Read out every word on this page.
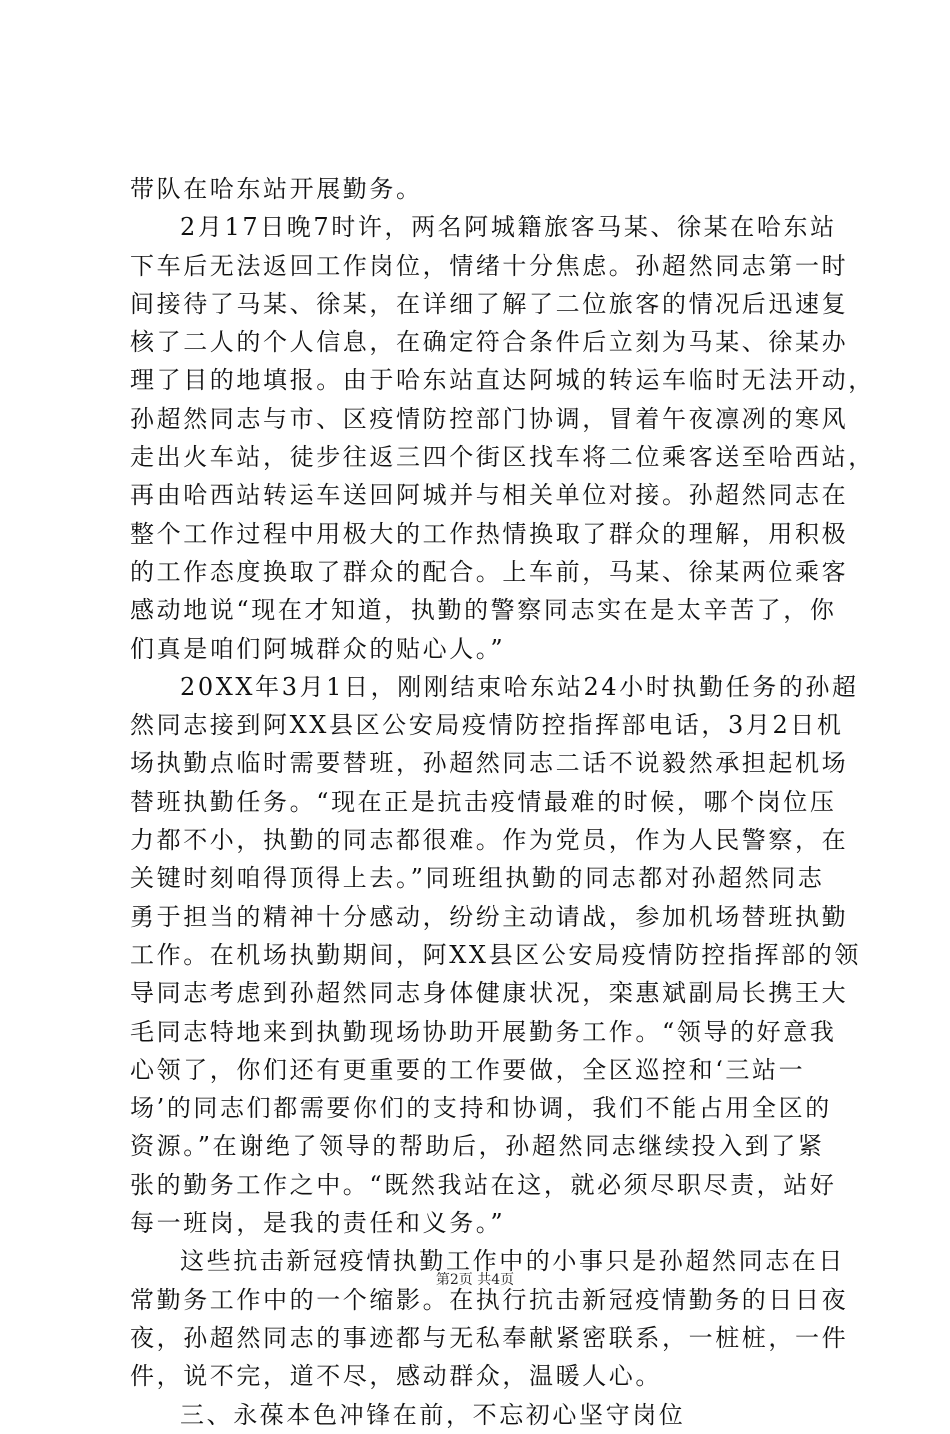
带队在哈东站开展勤务。
2月17日晚7时许，两名阿城籍旅客马某、徐某在哈东站
下车后无法返回工作岗位，情绪十分焦虑。孙超然同志第一时
间接待了马某、徐某，在详细了解了二位旅客的情况后迅速复
核了二人的个人信息，在确定符合条件后立刻为马某、徐某办
理了目的地填报。由于哈东站直达阿城的转运车临时无法开动，
孙超然同志与市、区疫情防控部门协调，冒着午夜凛冽的寒风
走出火车站，徒步往返三四个街区找车将二位乘客送至哈西站，
再由哈西站转运车送回阿城并与相关单位对接。孙超然同志在
整个工作过程中用极大的工作热情换取了群众的理解，用积极
的工作态度换取了群众的配合。上车前，马某、徐某两位乘客
感动地说“现在才知道，执勤的警察同志实在是太辛苦了，你
们真是咱们阿城群众的贴心人。”
20XX年3月1日，刚刚结束哈东站24小时执勤任务的孙超
然同志接到阿XX县区公安局疫情防控指挥部电话，3月2日机
场执勤点临时需要替班，孙超然同志二话不说毅然承担起机场
替班执勤任务。“现在正是抗击疫情最难的时候，哪个岗位压
力都不小，执勤的同志都很难。作为党员，作为人民警察，在
关键时刻咱得顶得上去。”同班组执勤的同志都对孙超然同志
勇于担当的精神十分感动，纷纷主动请战，参加机场替班执勤
工作。在机场执勤期间，阿XX县区公安局疫情防控指挥部的领
导同志考虑到孙超然同志身体健康状况，栾惠斌副局长携王大
毛同志特地来到执勤现场协助开展勤务工作。“领导的好意我
心领了，你们还有更重要的工作要做，全区巡控和‘三站一
场’的同志们都需要你们的支持和协调，我们不能占用全区的
资源。”在谢绝了领导的帮助后，孙超然同志继续投入到了紧
张的勤务工作之中。“既然我站在这，就必须尽职尽责，站好
每一班岗，是我的责任和义务。”
这些抗击新冠疫情执勤工作中的小事只是孙超然同志在日
常勤务工作中的一个缩影。在执行抗击新冠疫情勤务的日日夜
夜，孙超然同志的事迹都与无私奉献紧密联系，一桩桩，一件
件，说不完，道不尽，感动群众，温暖人心。
三、永葆本色冲锋在前，不忘初心坚守岗位
第2页 共4页
